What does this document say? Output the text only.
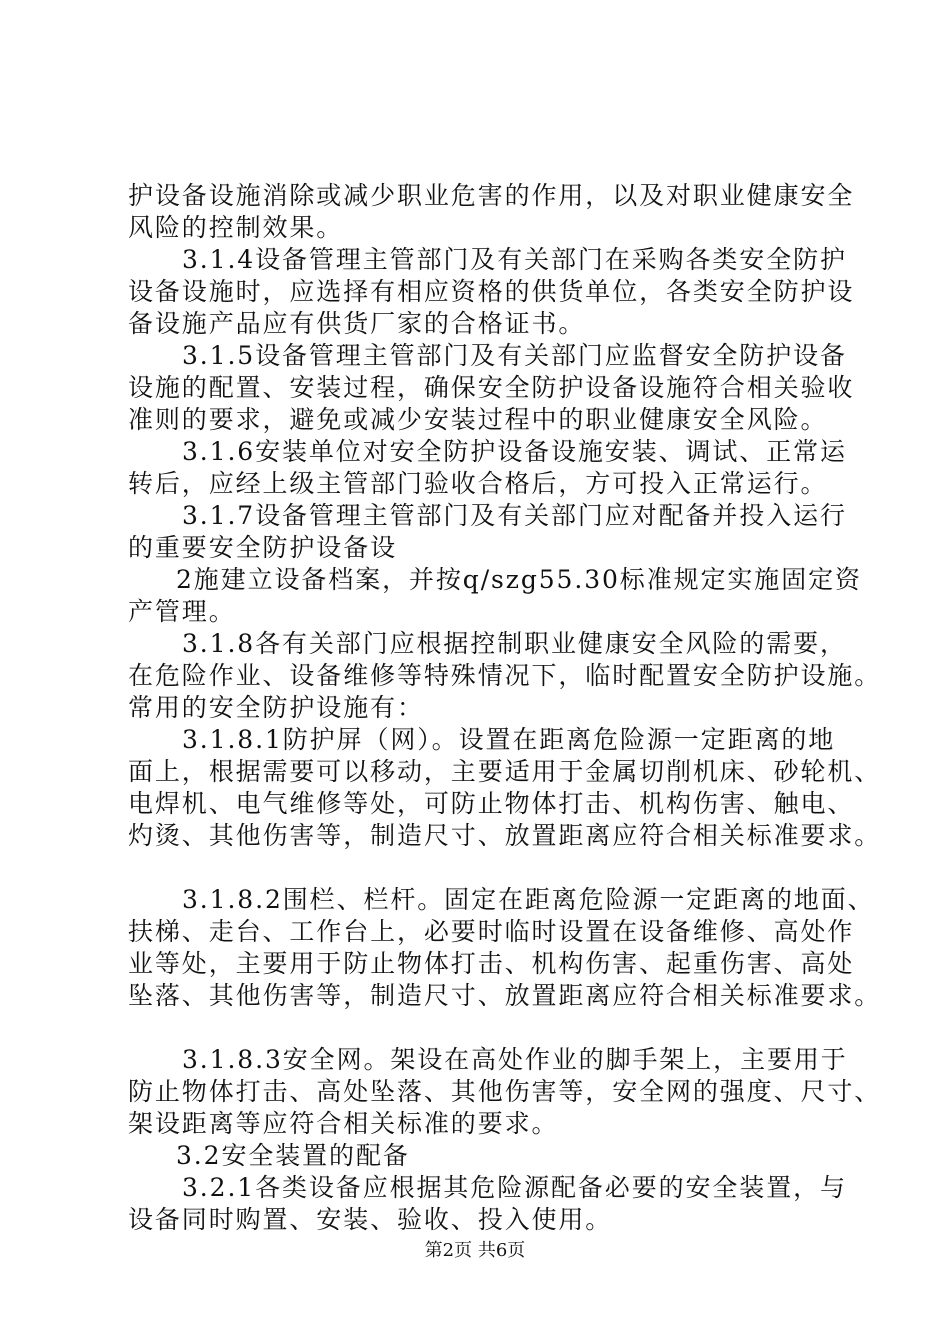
护设备设施消除或减少职业危害的作用，以及对职业健康安全
风险的控制效果。
3.1.4设备管理主管部门及有关部门在采购各类安全防护
设备设施时，应选择有相应资格的供货单位，各类安全防护设
备设施产品应有供货厂家的合格证书。
3.1.5设备管理主管部门及有关部门应监督安全防护设备
设施的配置、安装过程，确保安全防护设备设施符合相关验收
准则的要求，避免或减少安装过程中的职业健康安全风险。
3.1.6安装单位对安全防护设备设施安装、调试、正常运
转后，应经上级主管部门验收合格后，方可投入正常运行。
3.1.7设备管理主管部门及有关部门应对配备并投入运行
的重要安全防护设备设
2施建立设备档案，并按q/szg55.30标准规定实施固定资
产管理。
3.1.8各有关部门应根据控制职业健康安全风险的需要，
在危险作业、设备维修等特殊情况下，临时配置安全防护设施。
常用的安全防护设施有：
3.1.8.1防护屏（网）。设置在距离危险源一定距离的地
面上，根据需要可以移动，主要适用于金属切削机床、砂轮机、
电焊机、电气维修等处，可防止物体打击、机构伤害、触电、
灼烫、其他伤害等，制造尺寸、放置距离应符合相关标准要求。
3.1.8.2围栏、栏杆。固定在距离危险源一定距离的地面、
扶梯、走台、工作台上，必要时临时设置在设备维修、高处作
业等处，主要用于防止物体打击、机构伤害、起重伤害、高处
坠落、其他伤害等，制造尺寸、放置距离应符合相关标准要求。
3.1.8.3安全网。架设在高处作业的脚手架上，主要用于
防止物体打击、高处坠落、其他伤害等，安全网的强度、尺寸、
架设距离等应符合相关标准的要求。
3.2安全装置的配备
3.2.1各类设备应根据其危险源配备必要的安全装置，与
设备同时购置、安装、验收、投入使用。
第2页 共6页
